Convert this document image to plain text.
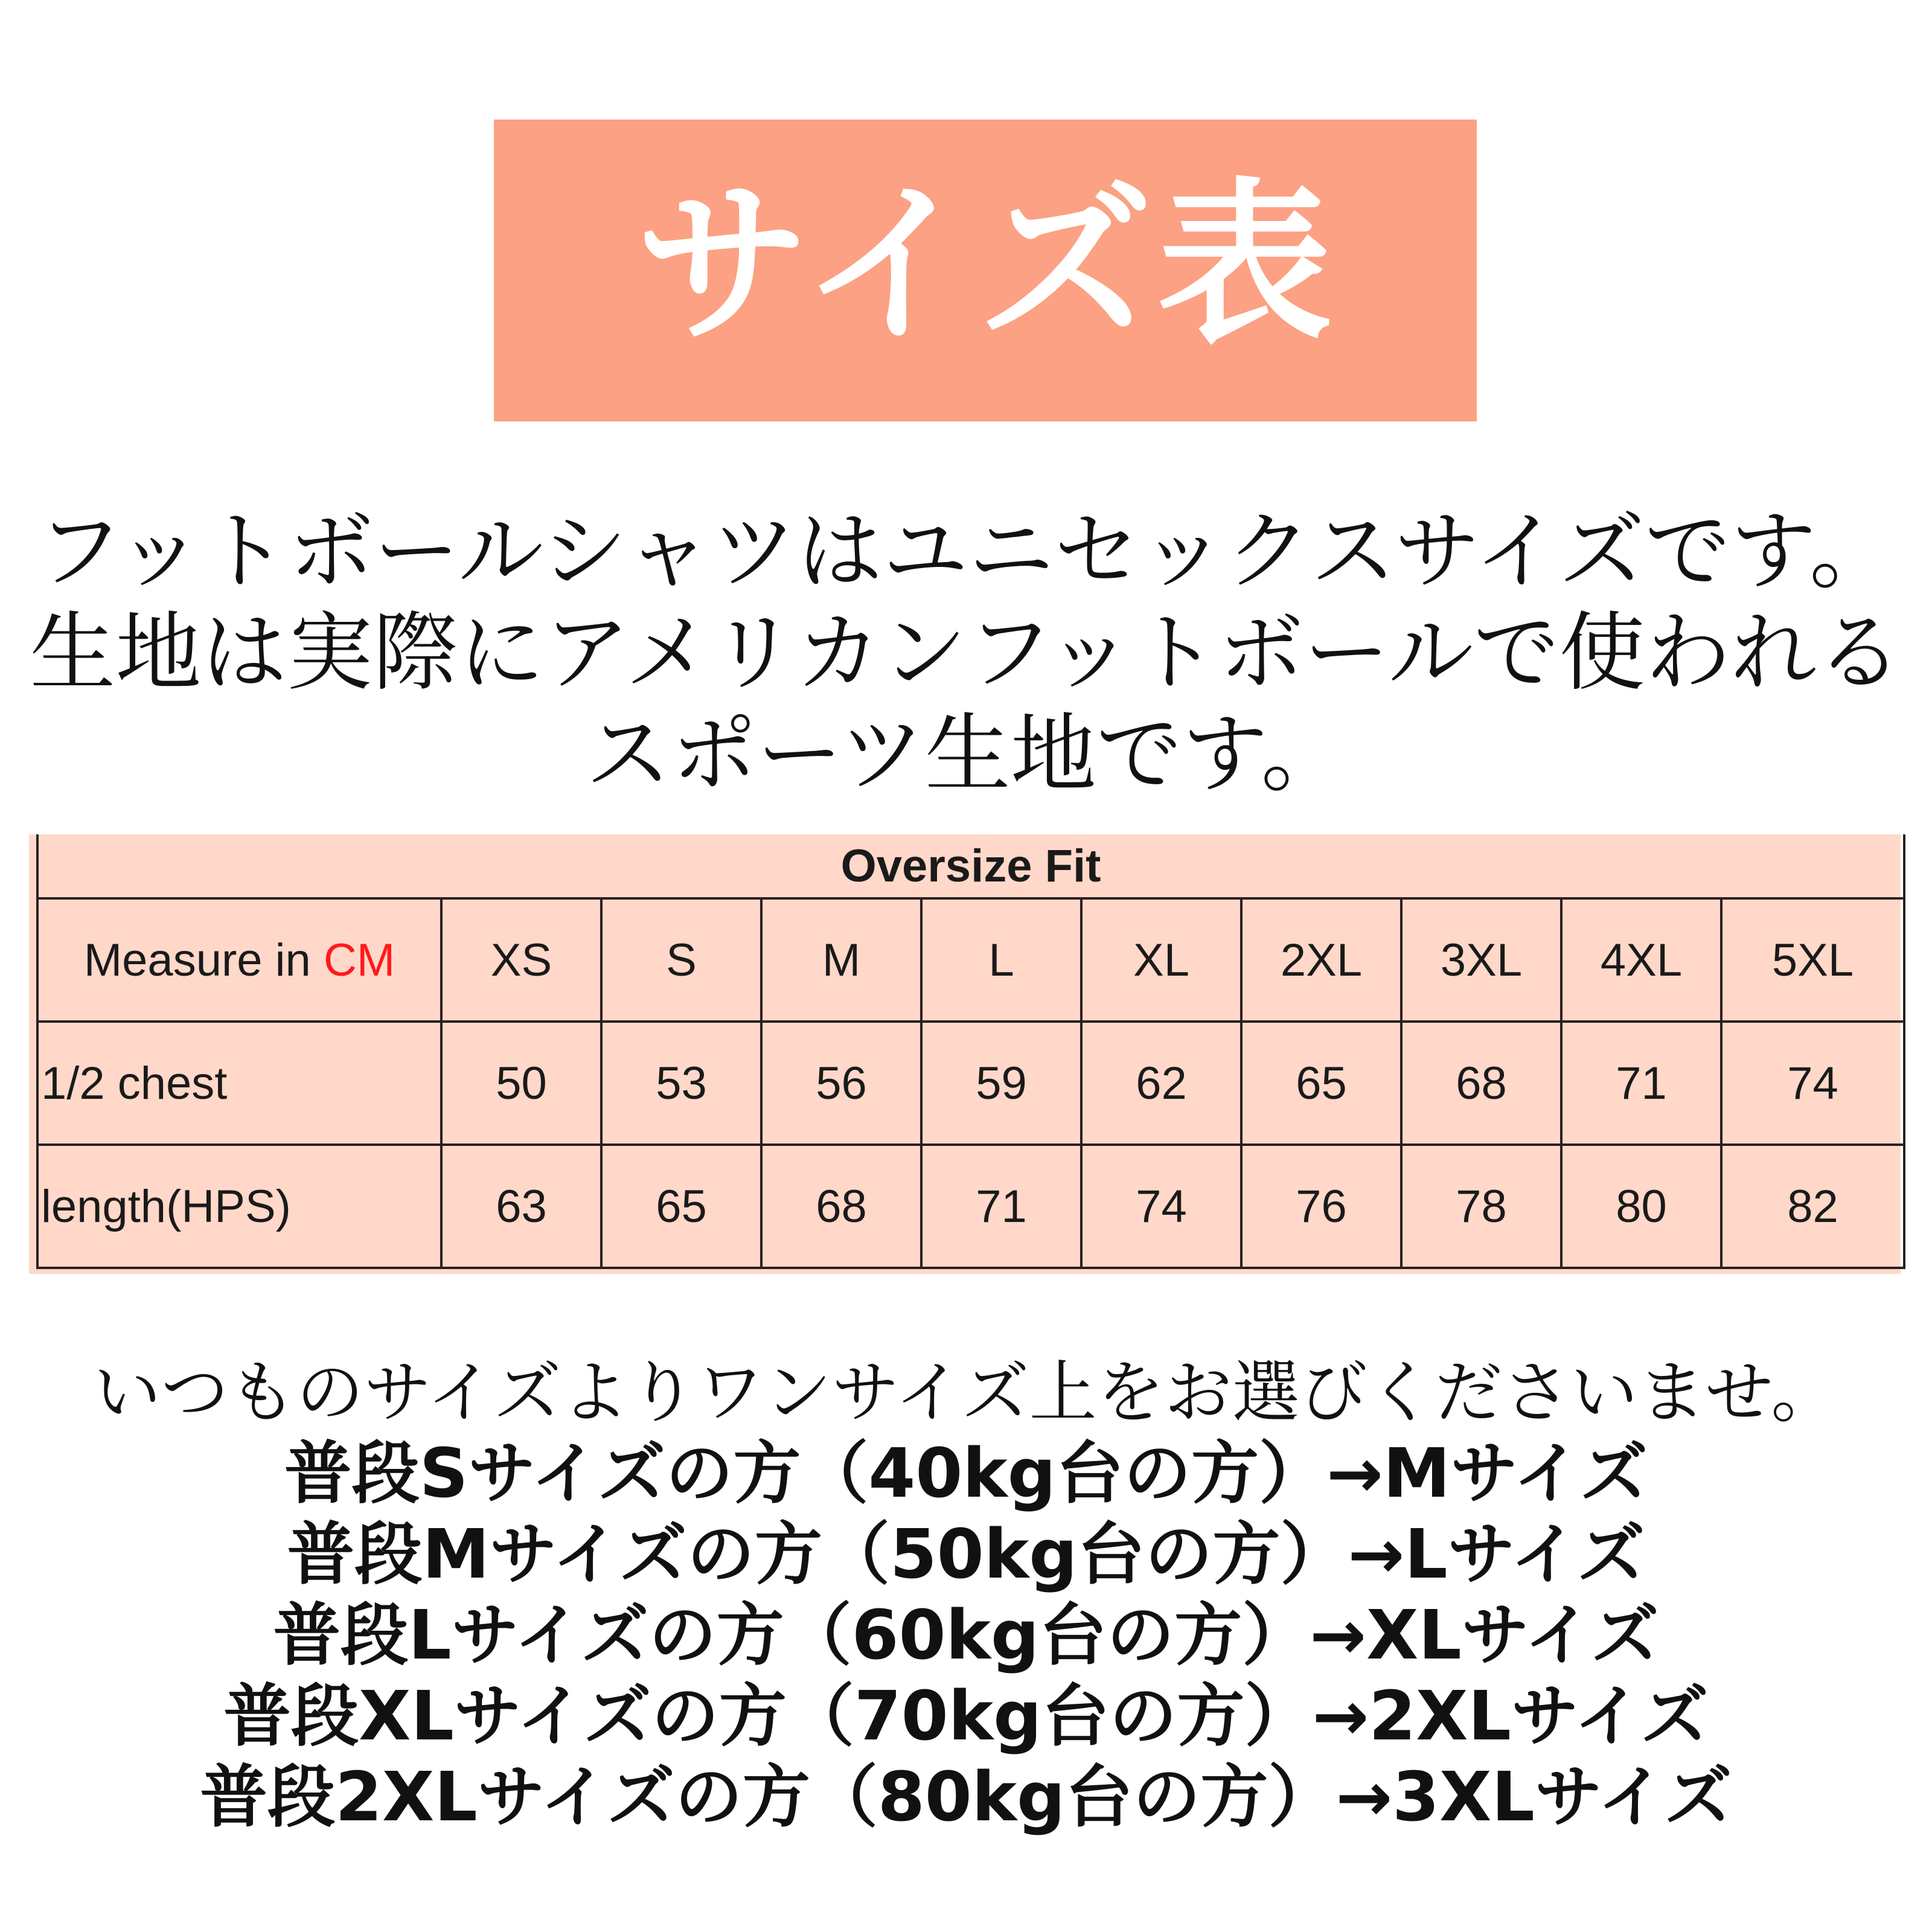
サイズ表
フットボールシャツはユニセックスサイズです。
生地は実際にアメリカンフットボールで使われる
スポーツ生地です。
Oversize Fit									
Measure in CM	XS	S	M	L	XL	2XL	3XL	4XL	5XL
1/2 chest	50	53	56	59	62	65	68	71	74
length(HPS)	63	65	68	71	74	76	78	80	82
いつものサイズよりワンサイズ上をお選びくださいませ。
普段Sサイズの方（40kg台の方）→Mサイズ
普段Mサイズの方（50kg台の方）→Lサイズ
普段Lサイズの方（60kg台の方）→XLサイズ
普段XLサイズの方（70kg台の方）→2XLサイズ
普段2XLサイズの方（80kg台の方）→3XLサイズ
